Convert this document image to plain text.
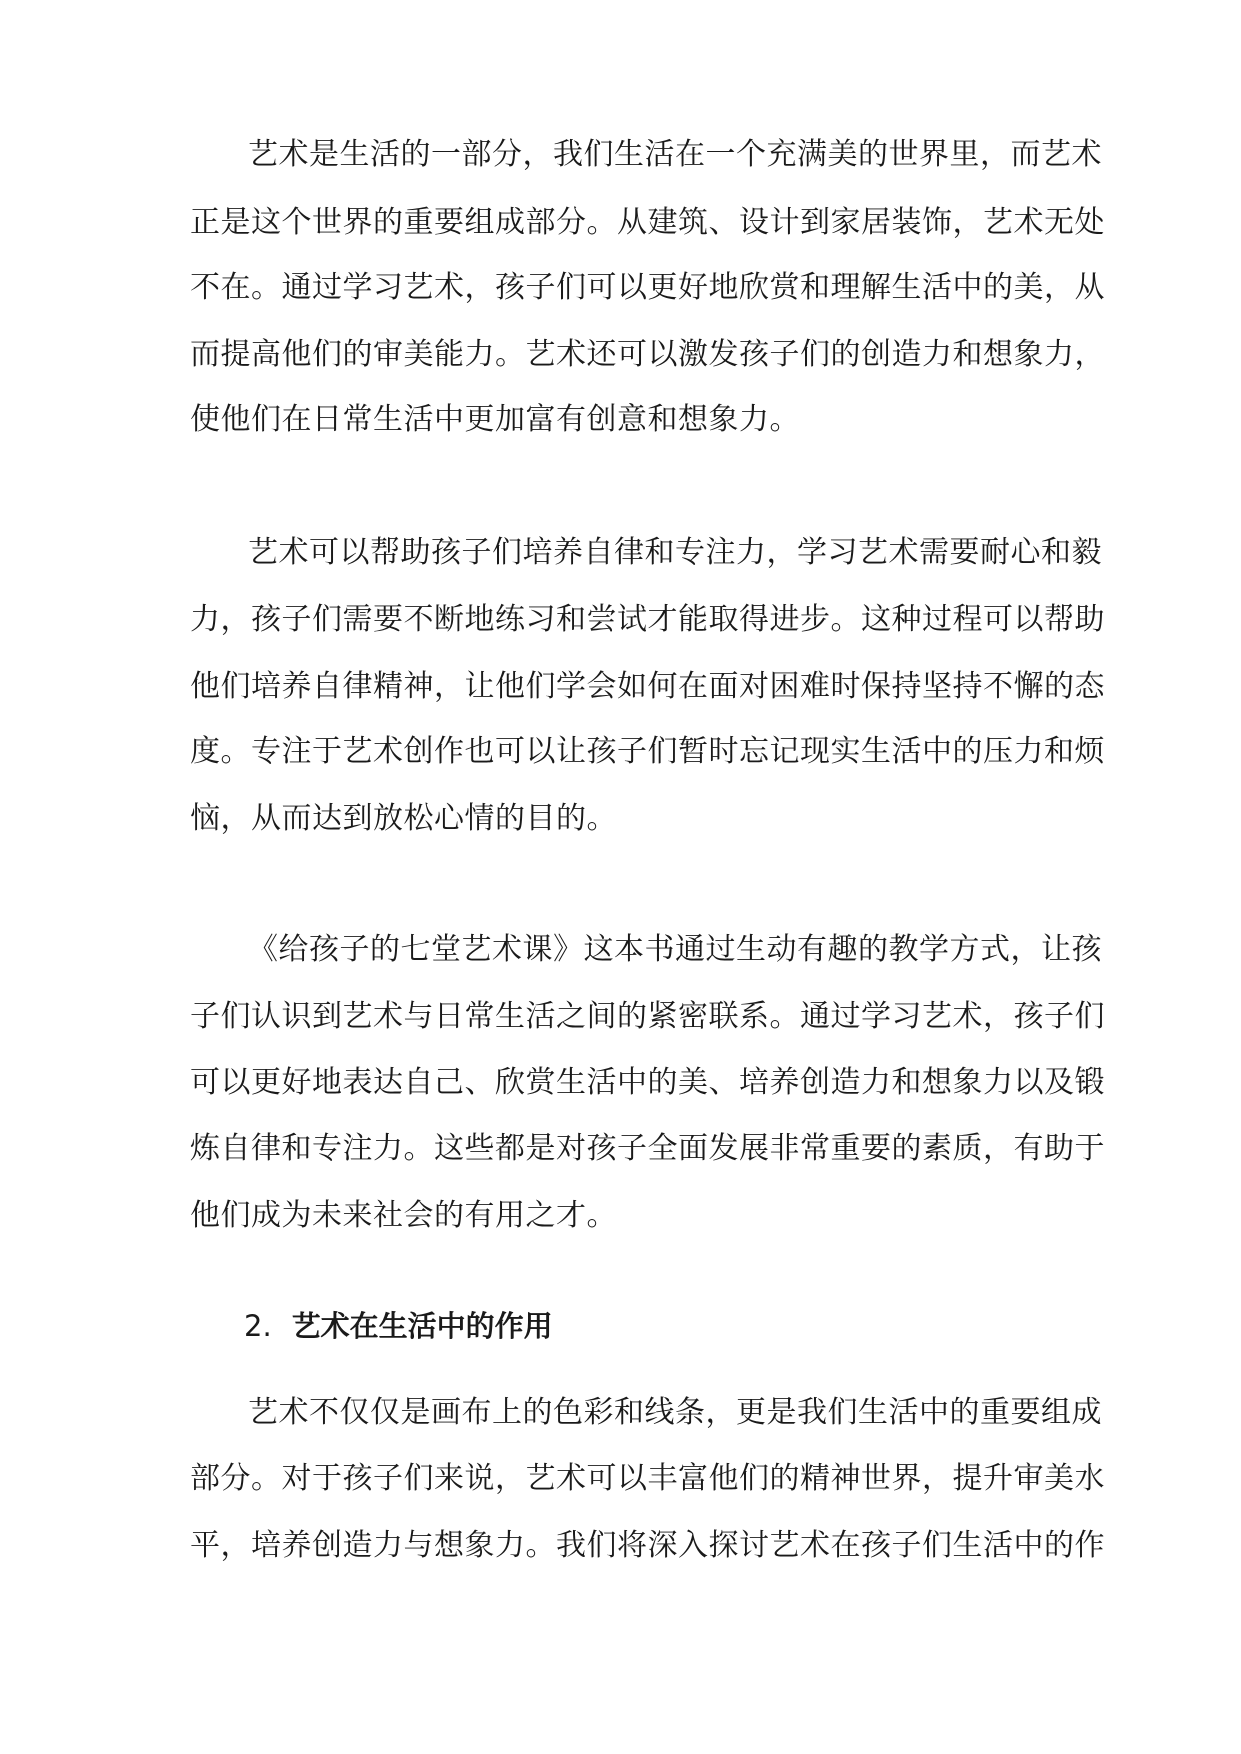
艺术是生活的一部分，我们生活在一个充满美的世界里，而艺术
正是这个世界的重要组成部分。从建筑、设计到家居装饰，艺术无处
不在。通过学习艺术，孩子们可以更好地欣赏和理解生活中的美，从
而提高他们的审美能力。艺术还可以激发孩子们的创造力和想象力，
使他们在日常生活中更加富有创意和想象力。
艺术可以帮助孩子们培养自律和专注力，学习艺术需要耐心和毅
力，孩子们需要不断地练习和尝试才能取得进步。这种过程可以帮助
他们培养自律精神，让他们学会如何在面对困难时保持坚持不懈的态
度。专注于艺术创作也可以让孩子们暂时忘记现实生活中的压力和烦
恼，从而达到放松心情的目的。
《给孩子的七堂艺术课》这本书通过生动有趣的教学方式，让孩
子们认识到艺术与日常生活之间的紧密联系。通过学习艺术，孩子们
可以更好地表达自己、欣赏生活中的美、培养创造力和想象力以及锻
炼自律和专注力。这些都是对孩子全面发展非常重要的素质，有助于
他们成为未来社会的有用之才。
2. 艺术在生活中的作用
艺术不仅仅是画布上的色彩和线条，更是我们生活中的重要组成
部分。对于孩子们来说，艺术可以丰富他们的精神世界，提升审美水
平，培养创造力与想象力。我们将深入探讨艺术在孩子们生活中的作
